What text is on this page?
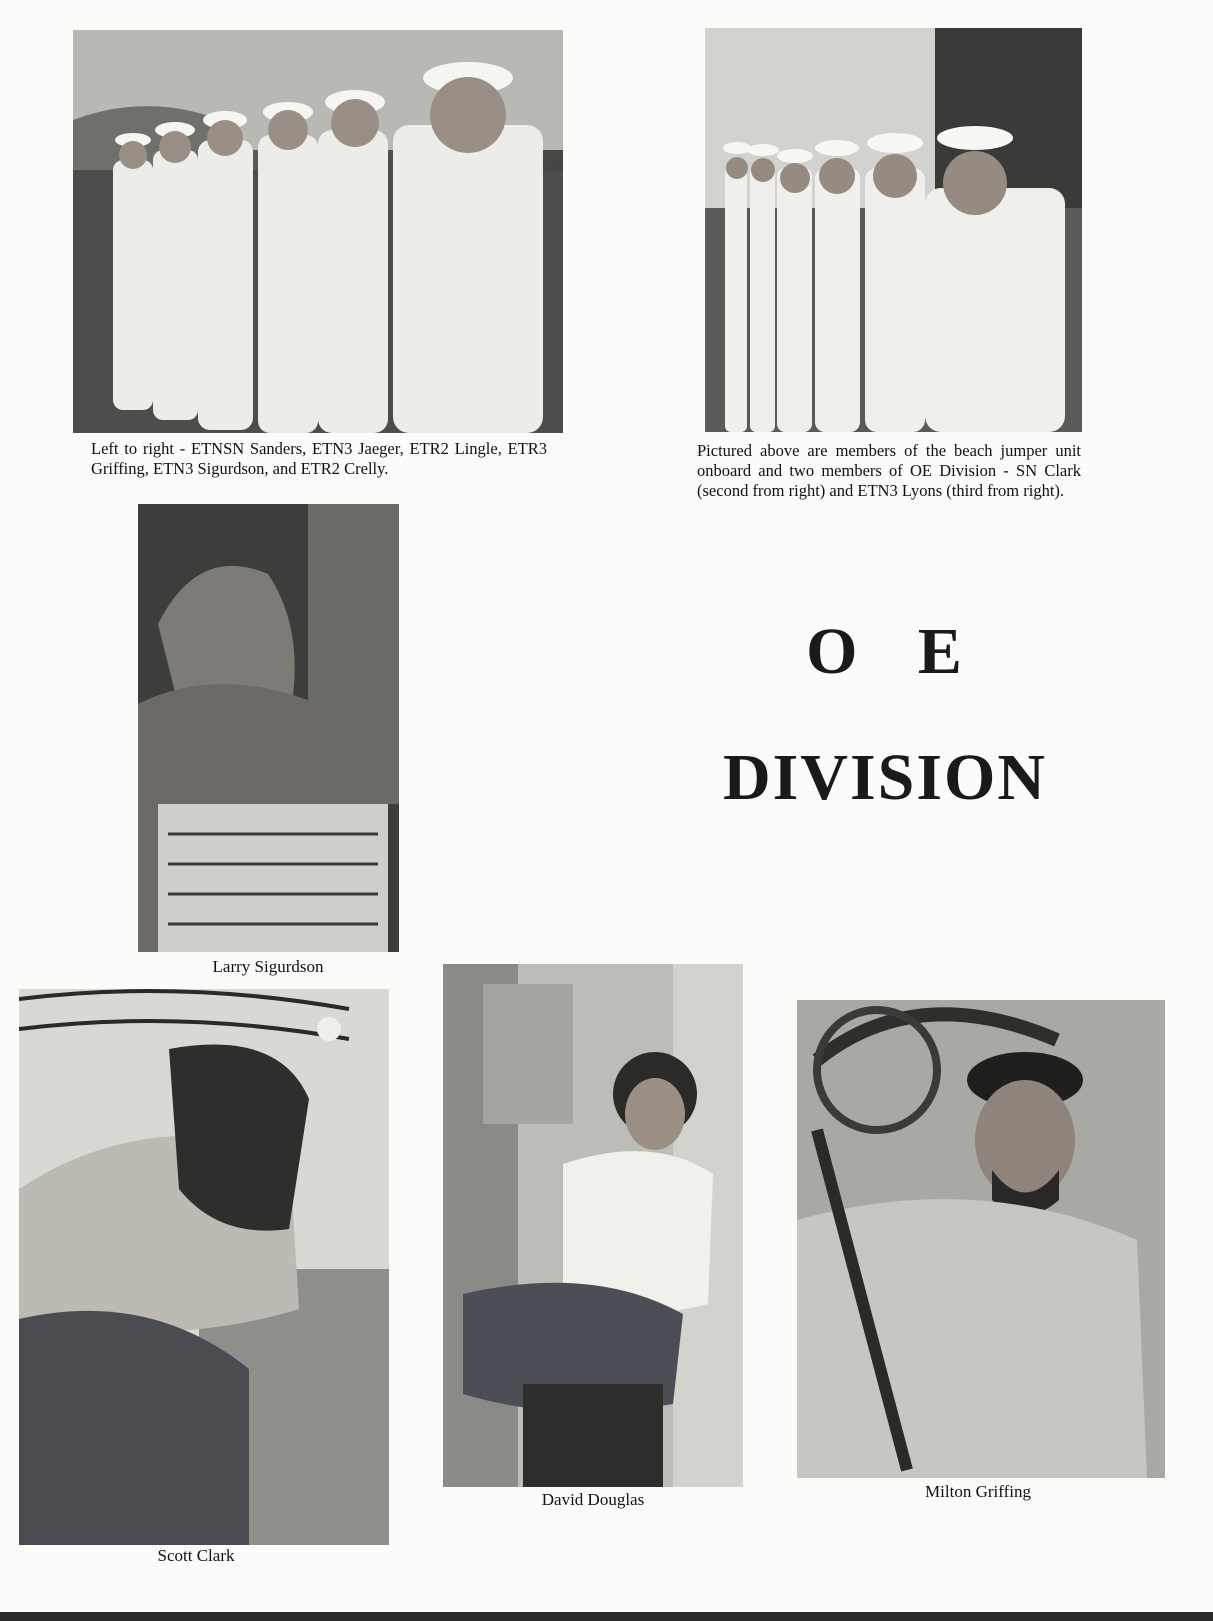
Left to right - ETNSN Sanders, ETN3 Jaeger, ETR2 Lingle, ETR3 Griffing, ETN3 Sigurdson, and ETR2 Crelly.

Pictured above are members of the beach jumper unit onboard and two members of OE Division - SN Clark (second from right) and ETN3 Lyons (third from right).

O E
DIVISION

Larry Sigurdson

Scott Clark

David Douglas	Milton Griffing
